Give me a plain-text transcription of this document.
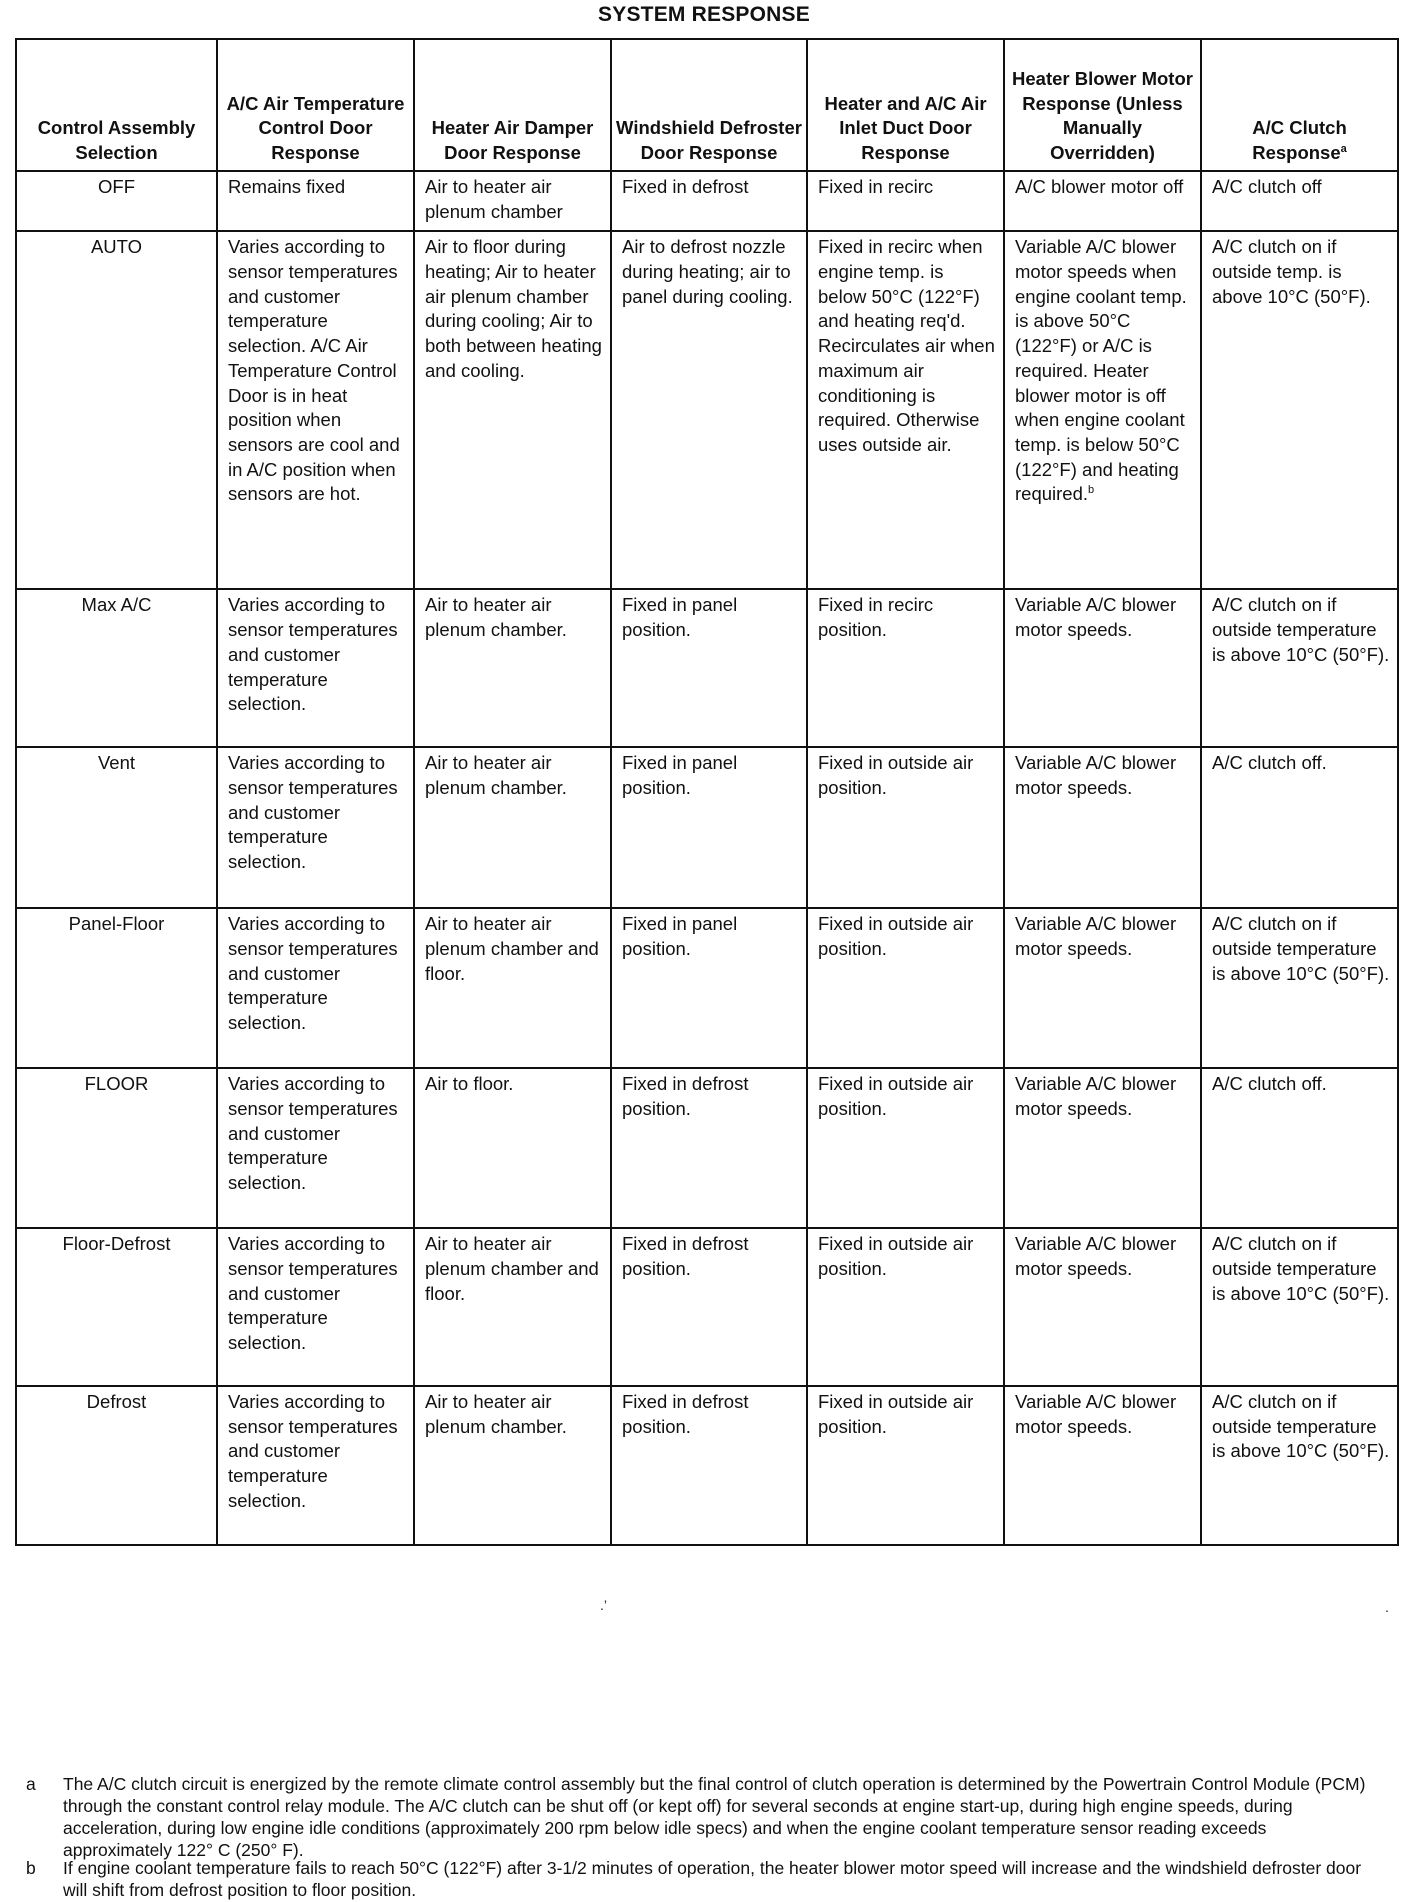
SYSTEM RESPONSE
Control Assembly Selection	A/C Air Temperature Control Door Response	Heater Air Damper Door Response	Windshield Defroster Door Response	Heater and A/C Air Inlet Duct Door Response	Heater Blower Motor Response (Unless Manually Overridden)	A/C Clutch Response$^a$
OFF	Remains fixed	Air to heater air plenum chamber	Fixed in defrost	Fixed in recirc	A/C blower motor off	A/C clutch off
AUTO	Varies according to sensor temperatures and customer temperature selection. A/C Air Temperature Control Door is in heat position when sensors are cool and in A/C position when sensors are hot.	Air to floor during heating; Air to heater air plenum chamber during cooling; Air to both between heating and cooling.	Air to defrost nozzle during heating; air to panel during cooling.	Fixed in recirc when engine temp. is below 50°C (122°F) and heating req'd. Recirculates air when maximum air conditioning is required. Otherwise uses outside air.	Variable A/C blower motor speeds when engine coolant temp. is above 50°C (122°F) or A/C is required. Heater blower motor is off when engine coolant temp. is below 50°C (122°F) and heating required.$^b$	A/C clutch on if outside temp. is above 10°C (50°F).
Max A/C	Varies according to sensor temperatures and customer temperature selection.	Air to heater air plenum chamber.	Fixed in panel position.	Fixed in recirc position.	Variable A/C blower motor speeds.	A/C clutch on if outside temperature is above 10°C (50°F).
Vent	Varies according to sensor temperatures and customer temperature selection.	Air to heater air plenum chamber.	Fixed in panel position.	Fixed in outside air position.	Variable A/C blower motor speeds.	A/C clutch off.
Panel-Floor	Varies according to sensor temperatures and customer temperature selection.	Air to heater air plenum chamber and floor.	Fixed in panel position.	Fixed in outside air position.	Variable A/C blower motor speeds.	A/C clutch on if outside temperature is above 10°C (50°F).
FLOOR	Varies according to sensor temperatures and customer temperature selection.	Air to floor.	Fixed in defrost position.	Fixed in outside air position.	Variable A/C blower motor speeds.	A/C clutch off.
Floor-Defrost	Varies according to sensor temperatures and customer temperature selection.	Air to heater air plenum chamber and floor.	Fixed in defrost position.	Fixed in outside air position.	Variable A/C blower motor speeds.	A/C clutch on if outside temperature is above 10°C (50°F).
Defrost	Varies according to sensor temperatures and customer temperature selection.	Air to heater air plenum chamber.	Fixed in defrost position.	Fixed in outside air position.	Variable A/C blower motor speeds.	A/C clutch on if outside temperature is above 10°C (50°F).
.’	.
a The A/C clutch circuit is energized by the remote climate control assembly but the final control of clutch operation is determined by the Powertrain Control Module (PCM) through the constant control relay module. The A/C clutch can be shut off (or kept off) for several seconds at engine start-up, during high engine speeds, during acceleration, during low engine idle conditions (approximately 200 rpm below idle specs) and when the engine coolant temperature sensor reading exceeds approximately 122° C (250° F).
b If engine coolant temperature fails to reach 50°C (122°F) after 3-1/2 minutes of operation, the heater blower motor speed will increase and the windshield defroster door will shift from defrost position to floor position.
